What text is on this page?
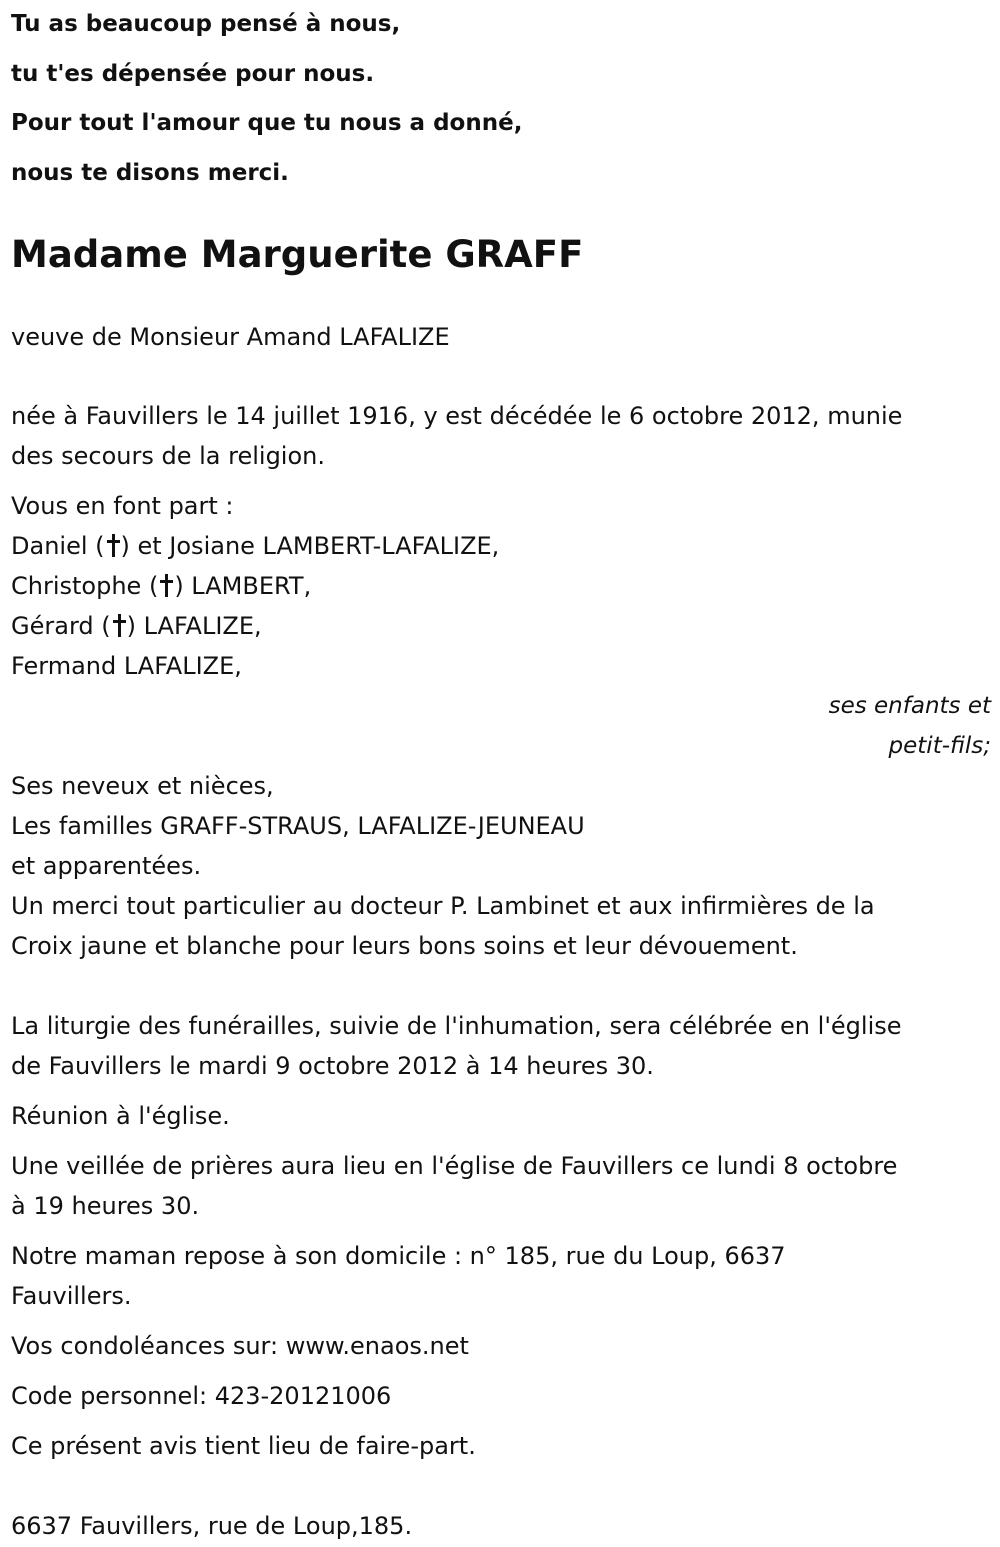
Tu as beaucoup pensé à nous,

tu t'es dépensée pour nous.

Pour tout l'amour que tu nous a donné,

nous te disons merci.

Madame Marguerite GRAFF

veuve de Monsieur Amand LAFALIZE

née à Fauvillers le 14 juillet 1916, y est décédée le 6 octobre 2012, munie
des secours de la religion.

Vous en font part :
Daniel ( ) et Josiane LAMBERT-LAFALIZE,
Christophe ( ) LAMBERT,
Gérard ( ) LAFALIZE,
Fermand LAFALIZE,
ses enfants et
petit-fils;
Ses neveux et nièces,
Les familles GRAFF-STRAUS, LAFALIZE-JEUNEAU
et apparentées.
Un merci tout particulier au docteur P. Lambinet et aux infirmières de la
Croix jaune et blanche pour leurs bons soins et leur dévouement.

La liturgie des funérailles, suivie de l'inhumation, sera célébrée en l'église
de Fauvillers le mardi 9 octobre 2012 à 14 heures 30.

Réunion à l'église.

Une veillée de prières aura lieu en l'église de Fauvillers ce lundi 8 octobre
à 19 heures 30.

Notre maman repose à son domicile : n° 185, rue du Loup, 6637
Fauvillers.

Vos condoléances sur: www.enaos.net

Code personnel: 423-20121006

Ce présent avis tient lieu de faire-part.

6637 Fauvillers, rue de Loup,185.
